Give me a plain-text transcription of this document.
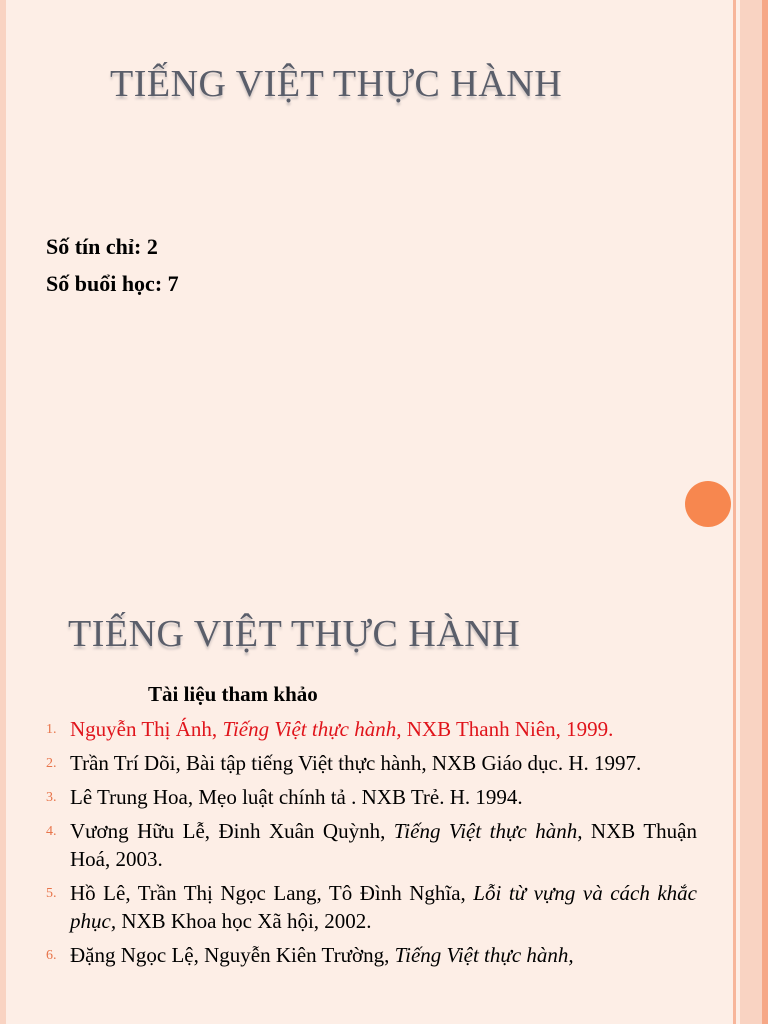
TIẾNG VIỆT THỰC HÀNH
Số tín chỉ: 2
Số buổi học: 7
TIẾNG VIỆT THỰC HÀNH
Tài liệu tham khảo
1. Nguyễn Thị Ánh, Tiếng Việt thực hành, NXB Thanh Niên, 1999.
2. Trần Trí Dõi, Bài tập tiếng Việt thực hành, NXB Giáo dục. H. 1997.
3. Lê Trung Hoa, Mẹo luật chính tả . NXB Trẻ. H. 1994.
4. Vương Hữu Lễ, Đinh Xuân Quỳnh, Tiếng Việt thực hành, NXB Thuận Hoá, 2003.
5. Hồ Lê, Trần Thị Ngọc Lang, Tô Đình Nghĩa, Lỗi từ vựng và cách khắc phục, NXB Khoa học Xã hội, 2002.
6. Đặng Ngọc Lệ, Nguyễn Kiên Trường, Tiếng Việt thực hành,
